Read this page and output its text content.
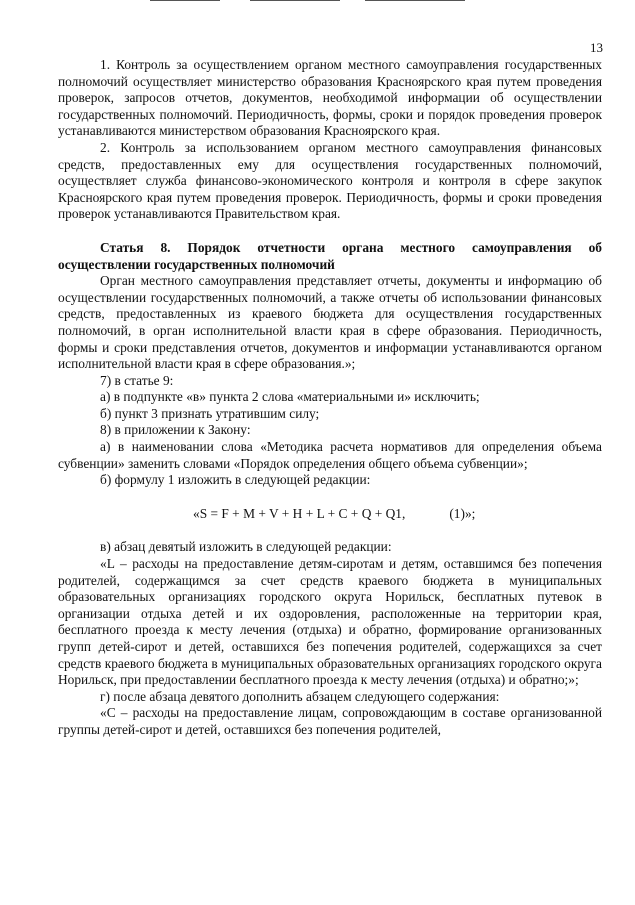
13

1. Контроль за осуществлением органом местного самоуправления государственных полномочий осуществляет министерство образования Красноярского края путем проведения проверок, запросов отчетов, документов, необходимой информации об осуществлении государственных полномочий. Периодичность, формы, сроки и порядок проведения проверок устанавливаются министерством образования Красноярского края.

2. Контроль за использованием органом местного самоуправления финансовых средств, предоставленных ему для осуществления государственных полномочий, осуществляет служба финансово-экономического контроля и контроля в сфере закупок Красноярского края путем проведения проверок. Периодичность, формы и сроки проведения проверок устанавливаются Правительством края.

Статья 8. Порядок отчетности органа местного самоуправления об осуществлении государственных полномочий

Орган местного самоуправления представляет отчеты, документы и информацию об осуществлении государственных полномочий, а также отчеты об использовании финансовых средств, предоставленных из краевого бюджета для осуществления государственных полномочий, в орган исполнительной власти края в сфере образования. Периодичность, формы и сроки представления отчетов, документов и информации устанавливаются органом исполнительной власти края в сфере образования.»;

7) в статье 9:

а) в подпункте «в» пункта 2 слова «материальными и» исключить;

б) пункт 3 признать утратившим силу;

8) в приложении к Закону:

а) в наименовании слова «Методика расчета нормативов для определения объема субвенции» заменить словами «Порядок определения общего объема субвенции»;

б) формулу 1 изложить в следующей редакции:

«S = F + M + V + H + L + C + Q + Q1,	(1)»;

в) абзац девятый изложить в следующей редакции:

«L – расходы на предоставление детям-сиротам и детям, оставшимся без попечения родителей, содержащимся за счет средств краевого бюджета в муниципальных образовательных организациях городского округа Норильск, бесплатных путевок в организации отдыха детей и их оздоровления, расположенные на территории края, бесплатного проезда к месту лечения (отдыха) и обратно, формирование организованных групп детей-сирот и детей, оставшихся без попечения родителей, содержащихся за счет средств краевого бюджета в муниципальных образовательных организациях городского округа Норильск, при предоставлении бесплатного проезда к месту лечения (отдыха) и обратно;»;

г) после абзаца девятого дополнить абзацем следующего содержания:

«C – расходы на предоставление лицам, сопровождающим в составе организованной группы детей-сирот и детей, оставшихся без попечения родителей,
